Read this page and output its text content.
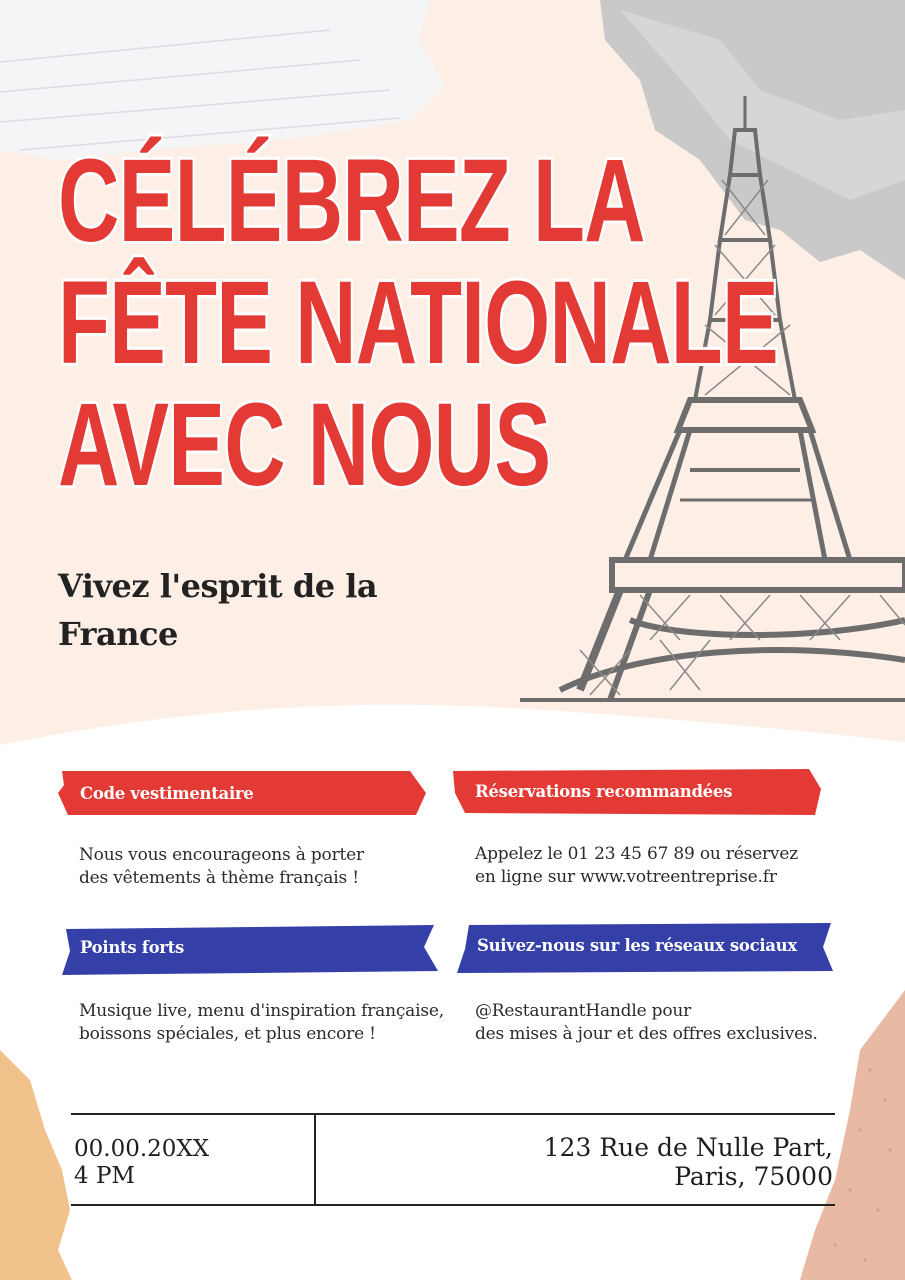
CÉLÉBREZ LA
FÊTE NATIONALE
AVEC NOUS

Vivez l'esprit de la France

Code vestimentaire
Nous vous encourageons à porter
des vêtements à thème français !
Réservations recommandées
Appelez le 01 23 45 67 89 ou réservez
en ligne sur www.votreentreprise.fr
Points forts
Musique live, menu d'inspiration française,
boissons spéciales, et plus encore !
Suivez-nous sur les réseaux sociaux
@RestaurantHandle pour
des mises à jour et des offres exclusives.
00.00.20XX
4 PM
123 Rue de Nulle Part,
Paris, 75000
